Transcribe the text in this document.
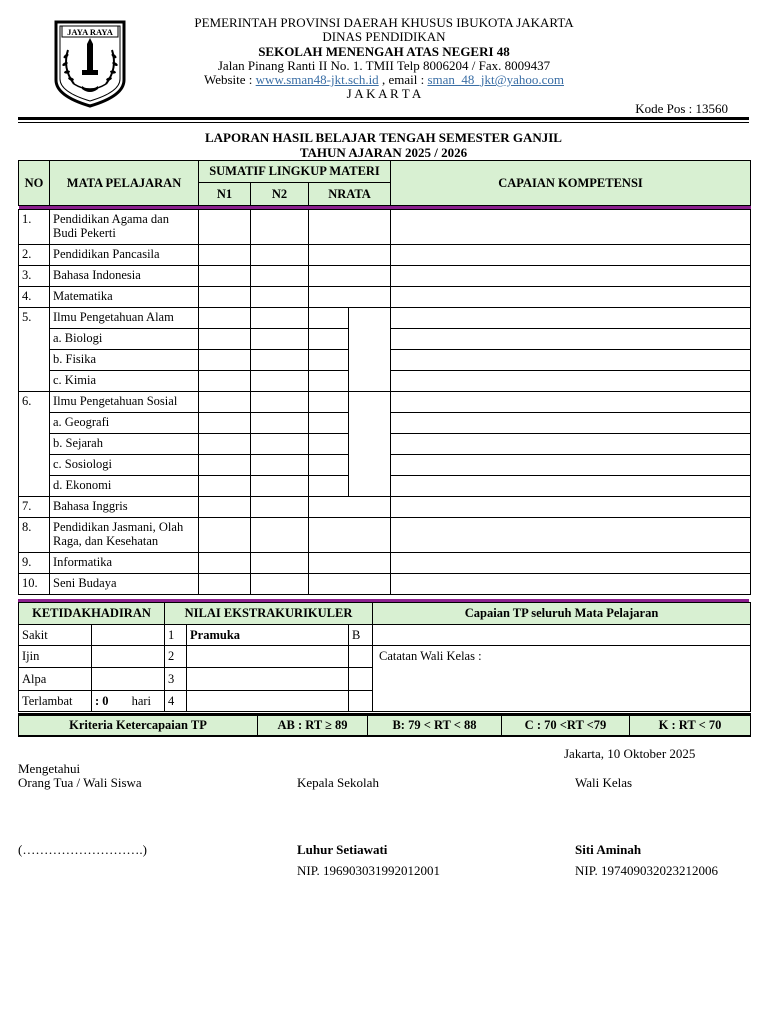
JAYA RAYA
PEMERINTAH PROVINSI DAERAH KHUSUS IBUKOTA JAKARTA
DINAS PENDIDIKAN
SEKOLAH MENENGAH ATAS NEGERI 48
Jalan Pinang Ranti II No. 1. TMII Telp 8006204 / Fax. 8009437
Website : www.sman48-jkt.sch.id , email : sman_48_jkt@yahoo.com
J A K A R T A
Kode Pos : 13560
LAPORAN HASIL BELAJAR TENGAH SEMESTER GANJIL
TAHUN AJARAN 2025 / 2026
NO	MATA PELAJARAN	SUMATIF LINGKUP MATERI				CAPAIAN KOMPETENSI
		N1	N2	NRATA		

1.	Pendidikan Agama dan Budi Pekerti					
2.	Pendidikan Pancasila					
3.	Bahasa Indonesia					
4.	Matematika					
5.	Ilmu Pengetahuan Alam					
	a. Biologi					
	b. Fisika					
	c. Kimia					
6.	Ilmu Pengetahuan Sosial					
	a. Geografi					
	b. Sejarah					
	c. Sosiologi					
	d. Ekonomi					
7.	Bahasa Inggris					
8.	Pendidikan Jasmani, Olah Raga, dan Kesehatan					
9.	Informatika					
10.	Seni Budaya					
KETIDAKHADIRAN		NILAI EKSTRAKURIKULER			Capaian TP seluruh Mata Pelajaran
Sakit		1	Pramuka	B	
Ijin		2			Catatan Wali Kelas :
Alpa		3			
Terlambat	: 0 hari	4			
Kriteria Ketercapaian TP	AB : RT ≥ 89	B: 79 < RT < 88	C : 70 <RT <79	K : RT < 70
Jakarta, 10 Oktober 2025
Mengetahui
Orang Tua / Wali Siswa	Kepala Sekolah	Wali Kelas
(……………………….)	Luhur Setiawati	Siti Aminah
NIP. 196903031992012001	NIP. 197409032023212006
